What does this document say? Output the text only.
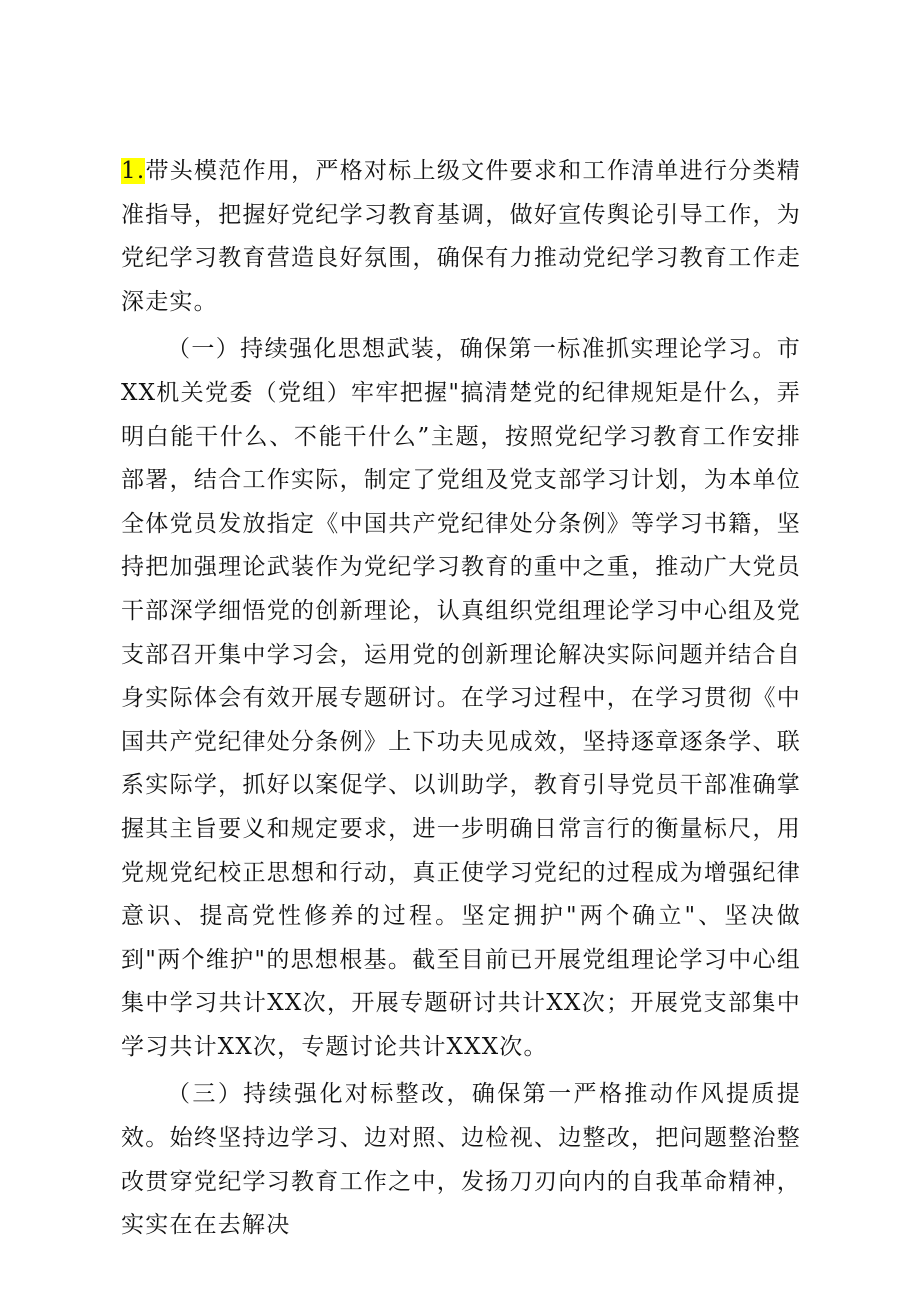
1.带头模范作用，严格对标上级文件要求和工作清单进行分类精准指导，把握好党纪学习教育基调，做好宣传舆论引导工作，为党纪学习教育营造良好氛围，确保有力推动党纪学习教育工作走深走实。

（一）持续强化思想武装，确保第一标准抓实理论学习。市XX机关党委（党组）牢牢把握"搞清楚党的纪律规矩是什么，弄明白能干什么、不能干什么”主题，按照党纪学习教育工作安排部署，结合工作实际，制定了党组及党支部学习计划，为本单位全体党员发放指定《中国共产党纪律处分条例》等学习书籍，坚持把加强理论武装作为党纪学习教育的重中之重，推动广大党员干部深学细悟党的创新理论，认真组织党组理论学习中心组及党支部召开集中学习会，运用党的创新理论解决实际问题并结合自身实际体会有效开展专题研讨。在学习过程中，在学习贯彻《中国共产党纪律处分条例》上下功夫见成效，坚持逐章逐条学、联系实际学，抓好以案促学、以训助学，教育引导党员干部准确掌握其主旨要义和规定要求，进一步明确日常言行的衡量标尺，用党规党纪校正思想和行动，真正使学习党纪的过程成为增强纪律意识、提高党性修养的过程。坚定拥护"两个确立"、坚决做到"两个维护"的思想根基。截至目前已开展党组理论学习中心组集中学习共计XX次，开展专题研讨共计XX次；开展党支部集中学习共计XX次，专题讨论共计XXX次。

（三）持续强化对标整改，确保第一严格推动作风提质提效。始终坚持边学习、边对照、边检视、边整改，把问题整治整改贯穿党纪学习教育工作之中，发扬刀刃向内的自我革命精神，实实在在去解决
